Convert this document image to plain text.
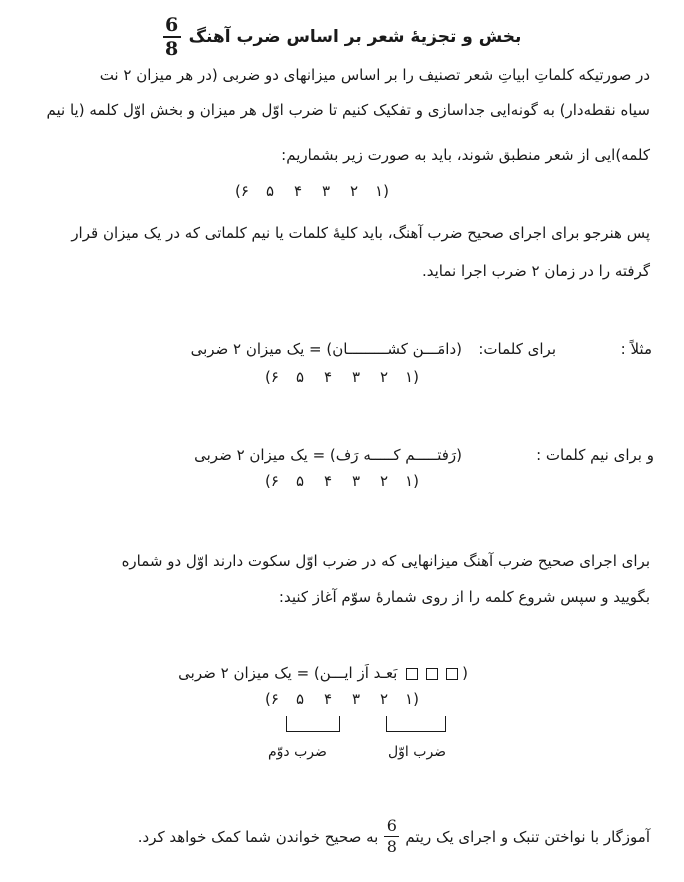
بخش و تجزیهٔ شعر بر اساس ضرب آهنگ
$\frac{6}{8}$
در صورتیکه کلماتِ ابیاتِ شعر تصنیف را بر اساس میزانهای دو ضربی (در هر میزان ۲ نت
سیاه نقطه‌دار) به گونه‌ایی جداسازی و تفکیک کنیم تا ضرب اوّل هر میزان و بخش اوّل کلمه (یا نیم
کلمه)‌ایی از شعر منطبق شوند، باید به صورت زیر بشماریم:
(۱۲۳۴۵۶)
پس هنرجو برای اجرای صحیح ضرب آهنگ، باید کلیهٔ کلمات یا نیم کلماتی که در یک میزان قرار
گرفته را در زمان ۲ ضرب اجرا نماید.
مثلاً :
برای کلمات:
(دامَـــن کشـــــــــان) = یک میزان ۲ ضربی
(۱۲۳۴۵۶)
و برای نیم کلمات :
(رَفتـــــم کـــــه رَف) = یک میزان ۲ ضربی
(۱۲۳۴۵۶)
برای اجرای صحیح ضرب آهنگ میزانهایی که در ضرب اوّل سکوت دارند اوّل دو شماره
بگویید و سپس شروع کلمه را از روی شمارهٔ سوّم آغاز کنید:
( بَعـد اَز ایـــن) = یک میزان ۲ ضربی
(۱۲۳۴۵۶)
ضرب دوّم	ضرب اوّل
آموزگار با نواختن تنبک و اجرای یک ریتم
$\frac{6}{8}$
به صحیح خواندن شما کمک خواهد کرد.
